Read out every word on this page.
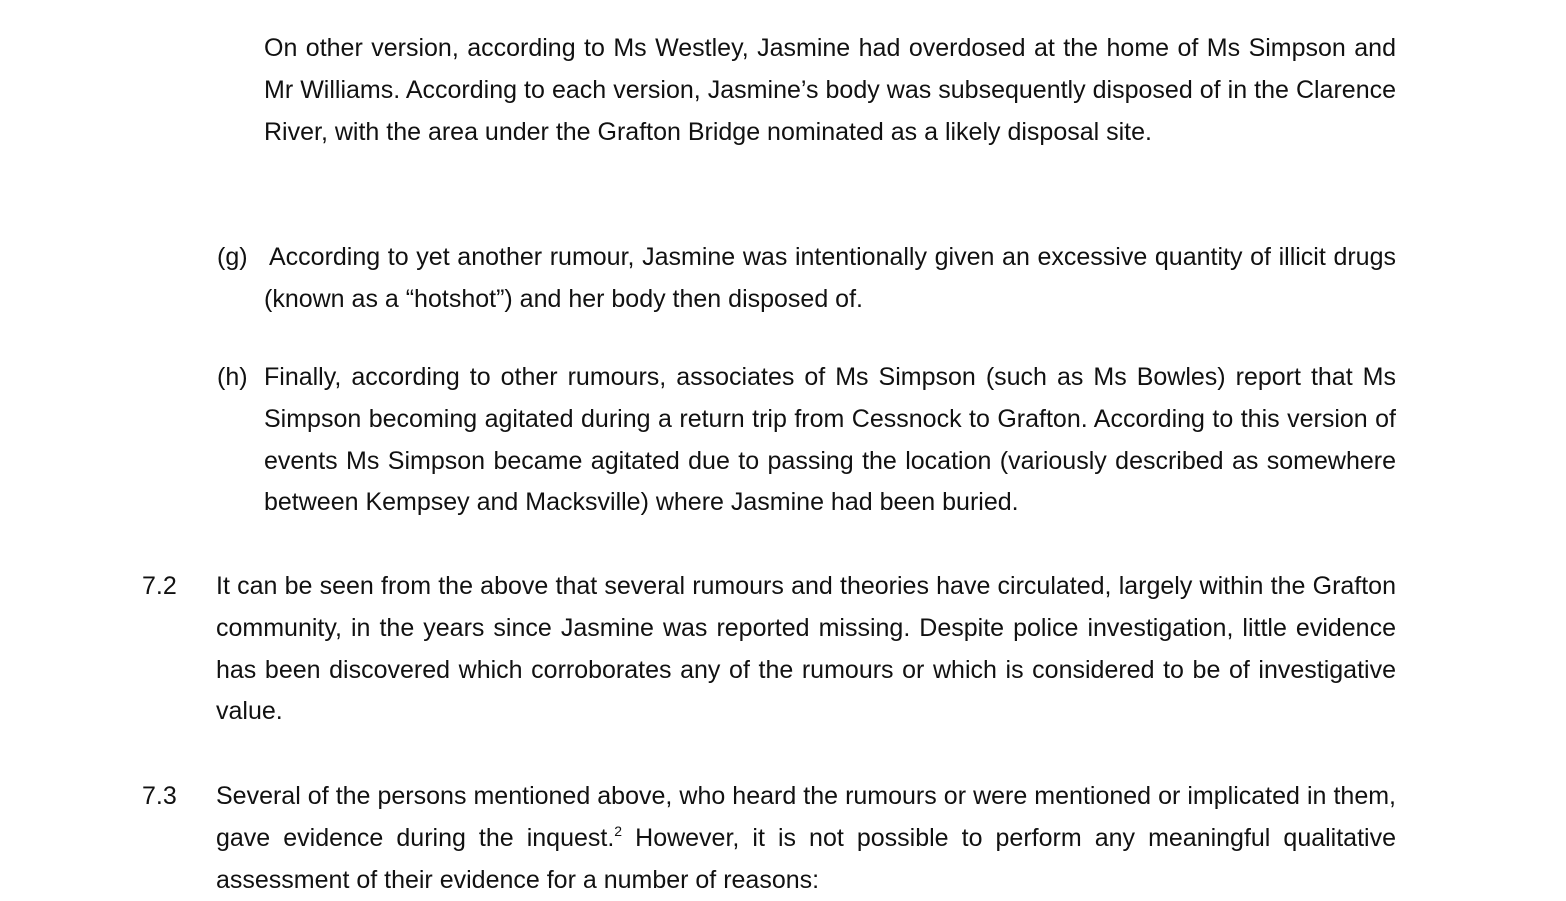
On other version, according to Ms Westley, Jasmine had overdosed at the home of Ms Simpson and Mr Williams. According to each version, Jasmine’s body was subsequently disposed of in the Clarence River, with the area under the Grafton Bridge nominated as a likely disposal site.

(g) According to yet another rumour, Jasmine was intentionally given an excessive quantity of illicit drugs (known as a “hotshot”) and her body then disposed of.

(h) Finally, according to other rumours, associates of Ms Simpson (such as Ms Bowles) report that Ms Simpson becoming agitated during a return trip from Cessnock to Grafton. According to this version of events Ms Simpson became agitated due to passing the location (variously described as somewhere between Kempsey and Macksville) where Jasmine had been buried.

7.2 It can be seen from the above that several rumours and theories have circulated, largely within the Grafton community, in the years since Jasmine was reported missing. Despite police investigation, little evidence has been discovered which corroborates any of the rumours or which is considered to be of investigative value.

7.3 Several of the persons mentioned above, who heard the rumours or were mentioned or implicated in them, gave evidence during the inquest.$^2$ However, it is not possible to perform any meaningful qualitative assessment of their evidence for a number of reasons:
